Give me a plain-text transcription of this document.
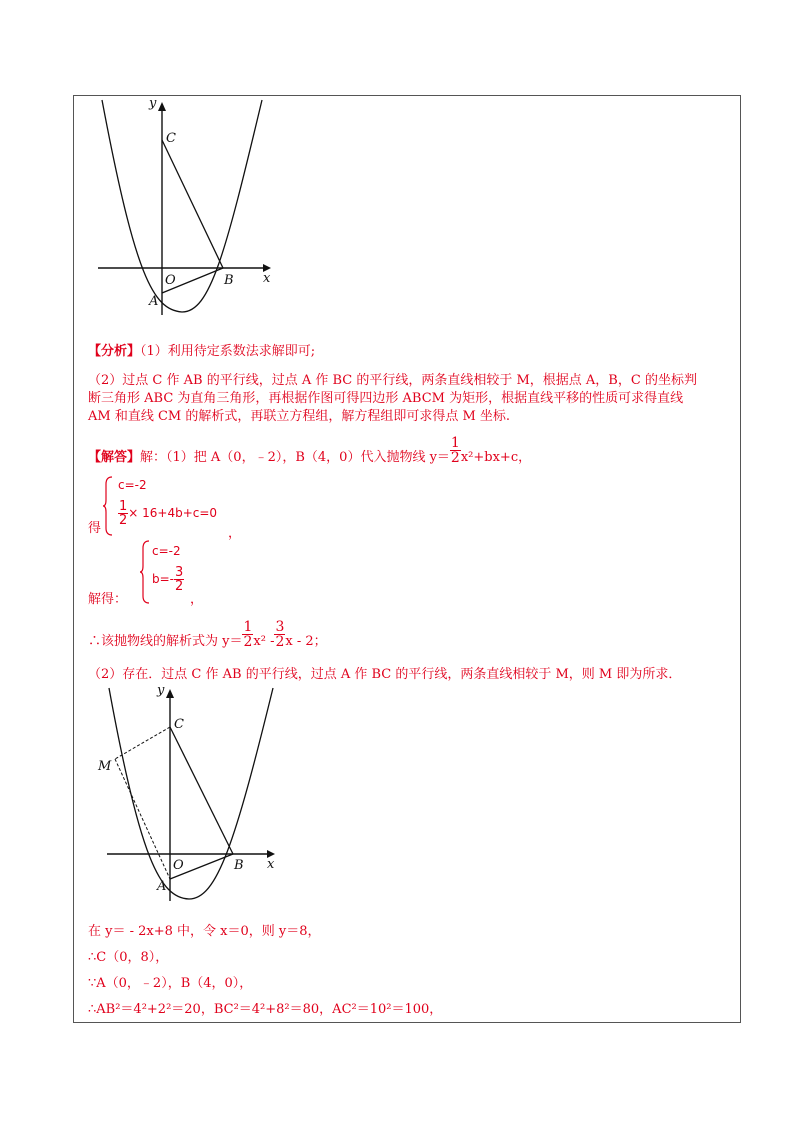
y
x
C
O	B
A
【分析】（1）利用待定系数法求解即可;
（2）过点 C 作 AB 的平行线，过点 A 作 BC 的平行线，两条直线相较于 M，根据点 A，B，C 的坐标判
断三角形 ABC 为直角三角形，再根据作图可得四边形 ABCM 为矩形，根据直线平移的性质可求得直线
AM 和直线 CM 的解析式，再联立方程组，解方程组即可求得点 M 坐标.
【解答】解：（1）把 A（0，﹣2），B（4，0）代入抛物线 $y= \frac{1}{2} x^2+bx+c$，
得
c=-2
$\frac{1}{2} \times 16+4b+c=0$
，
解得：
c=-2
$b=- \frac{3}{2}$
，
∴该抛物线的解析式为 $y= \frac{1}{2} x^2 - \frac{3}{2}$ x - 2；
（2）存在．过点 C 作 AB 的平行线，过点 A 作 BC 的平行线，两条直线相较于 M，则 M 即为所求．
y
x
C
O	B
A
M
在 y＝ - 2x+8 中，令 x＝0，则 y＝8，
∴C（0，8），
∵A（0，﹣2），B（4，0），
∴AB²＝4²+2²＝20，BC²＝4²+8²＝80，AC²＝10²＝100，
